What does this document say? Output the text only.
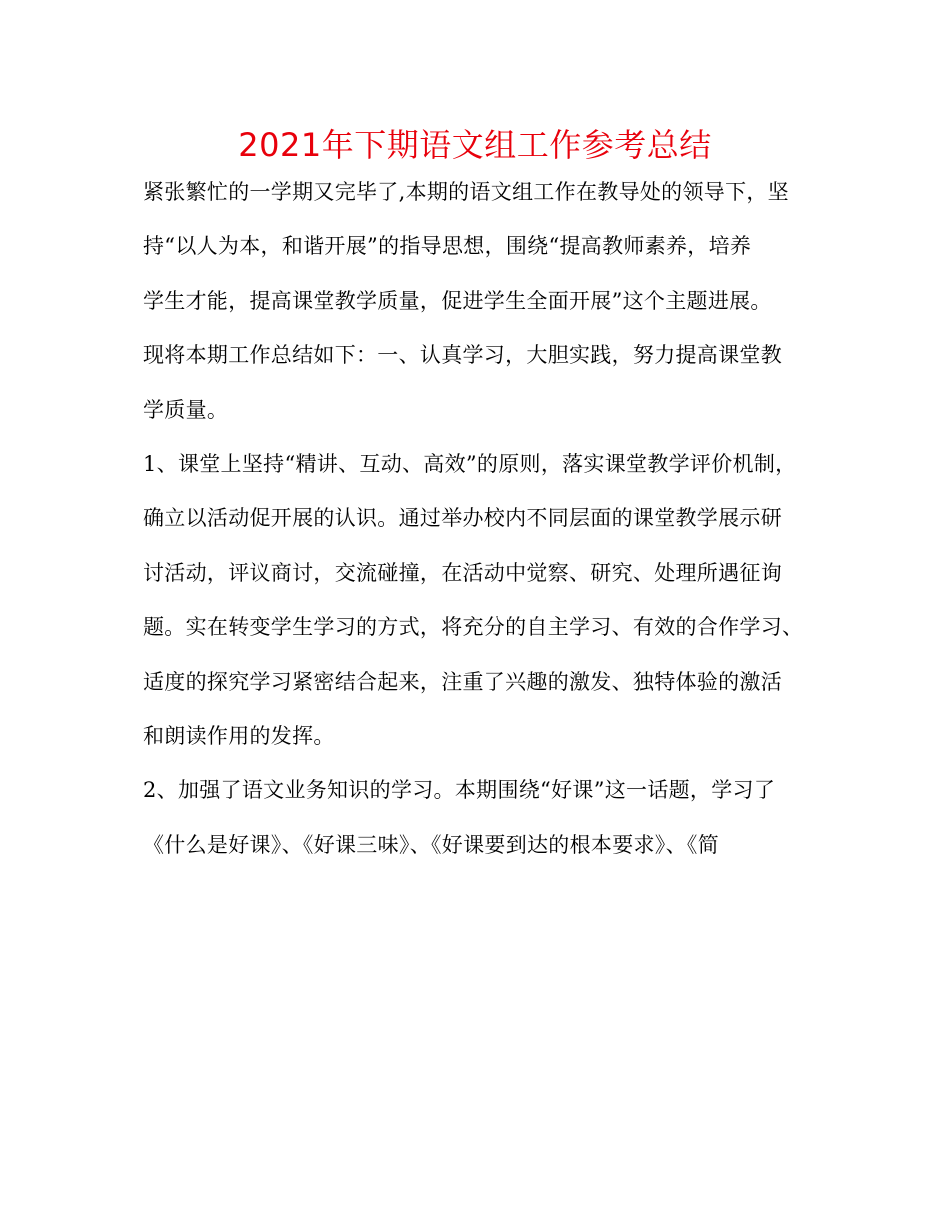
2021年下期语文组工作参考总结
紧张繁忙的一学期又完毕了,本期的语文组工作在教导处的领导下，坚
持“以人为本，和谐开展”的指导思想，围绕“提高教师素养，培养
学生才能，提高课堂教学质量，促进学生全面开展”这个主题进展。
现将本期工作总结如下：一、认真学习，大胆实践，努力提高课堂教
学质量。
1、课堂上坚持“精讲、互动、高效”的原则，落实课堂教学评价机制，
确立以活动促开展的认识。通过举办校内不同层面的课堂教学展示研
讨活动，评议商讨，交流碰撞，在活动中觉察、研究、处理所遇征询
题。实在转变学生学习的方式，将充分的自主学习、有效的合作学习、
适度的探究学习紧密结合起来，注重了兴趣的激发、独特体验的激活
和朗读作用的发挥。
2、加强了语文业务知识的学习。本期围绕“好课”这一话题，学习了
《什么是好课》、《好课三味》、《好课要到达的根本要求》、《简
